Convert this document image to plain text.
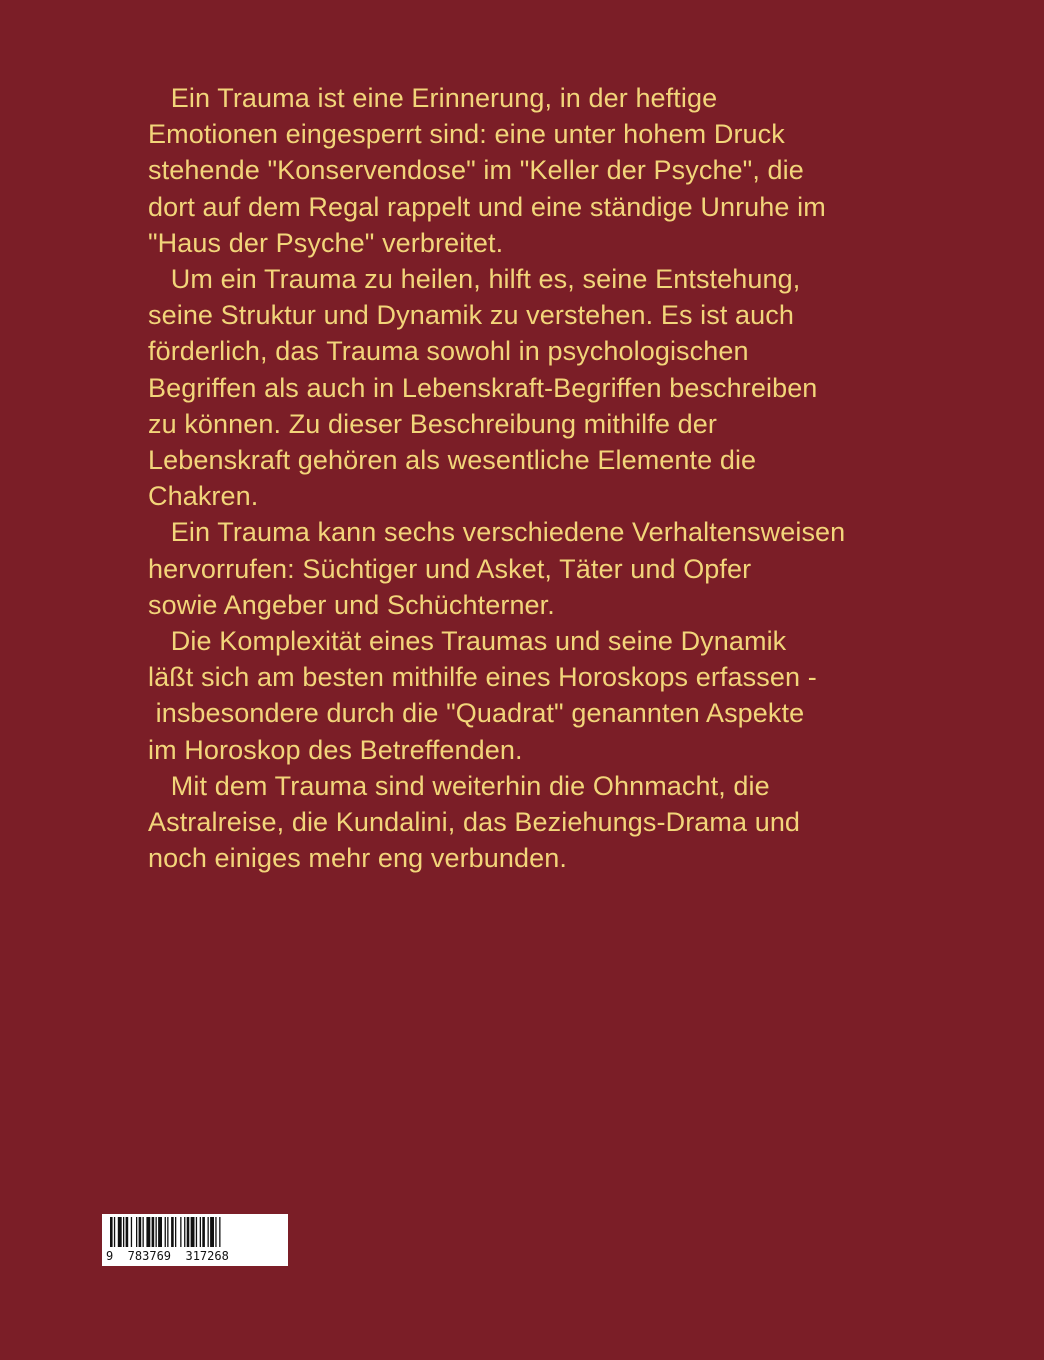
Ein Trauma ist eine Erinnerung, in der heftige
Emotionen eingesperrt sind: eine unter hohem Druck
stehende "Konservendose" im "Keller der Psyche", die
dort auf dem Regal rappelt und eine ständige Unruhe im
"Haus der Psyche" verbreitet.
Um ein Trauma zu heilen, hilft es, seine Entstehung,
seine Struktur und Dynamik zu verstehen. Es ist auch
förderlich, das Trauma sowohl in psychologischen
Begriffen als auch in Lebenskraft-Begriffen beschreiben
zu können. Zu dieser Beschreibung mithilfe der
Lebenskraft gehören als wesentliche Elemente die
Chakren.
Ein Trauma kann sechs verschiedene Verhaltensweisen
hervorrufen: Süchtiger und Asket, Täter und Opfer
sowie Angeber und Schüchterner.
Die Komplexität eines Traumas und seine Dynamik
läßt sich am besten mithilfe eines Horoskops erfassen -
insbesondere durch die "Quadrat" genannten Aspekte
im Horoskop des Betreffenden.
Mit dem Trauma sind weiterhin die Ohnmacht, die
Astralreise, die Kundalini, das Beziehungs-Drama und
noch einiges mehr eng verbunden.
9  783769  317268
